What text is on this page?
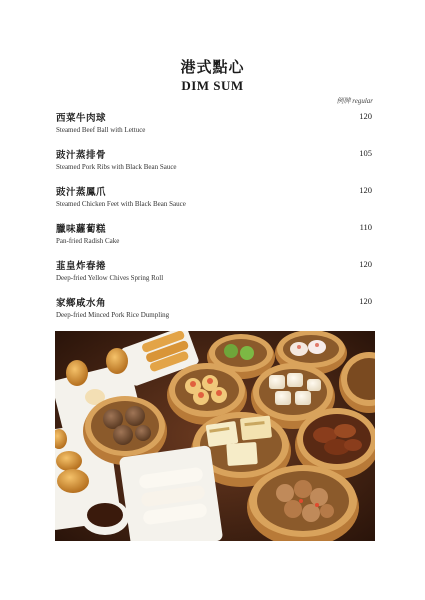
港式點心
DIM SUM
例牌 regular
西菜牛肉球
Steamed Beef Ball with Lettuce
120
豉汁蒸排骨
Steamed Pork Ribs with Black Bean Sauce
105
豉汁蒸鳳爪
Steamed Chicken Feet with Black Bean Sauce
120
臘味蘿蔔糕
Pan-fried Radish Cake
110
韮皇炸春捲
Deep-fried Yellow Chives Spring Roll
120
家鄉咸水角
Deep-fried Minced Pork Rice Dumpling
120
